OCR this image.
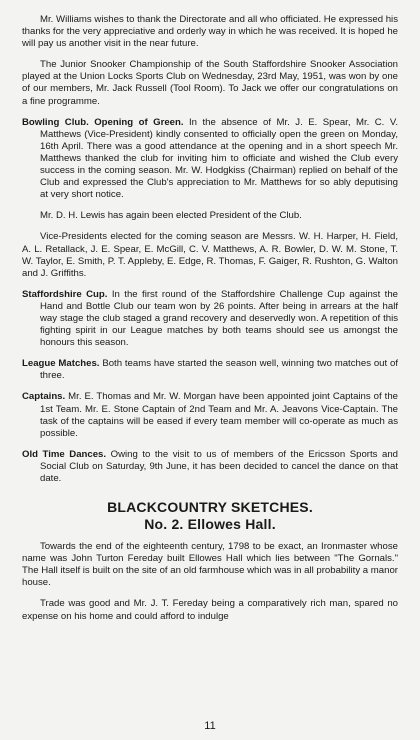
Mr. Williams wishes to thank the Directorate and all who officiated. He expressed his thanks for the very appreciative and orderly way in which he was received. It is hoped he will pay us another visit in the near future.

The Junior Snooker Championship of the South Staffordshire Snooker Association played at the Union Locks Sports Club on Wednesday, 23rd May, 1951, was won by one of our members, Mr. Jack Russell (Tool Room). To Jack we offer our congratulations on a fine programme.

Bowling Club. Opening of Green. In the absence of Mr. J. E. Spear, Mr. C. V. Matthews (Vice-President) kindly consented to officially open the green on Monday, 16th April. There was a good attendance at the opening and in a short speech Mr. Matthews thanked the club for inviting him to officiate and wished the Club every success in the coming season. Mr. W. Hodgkiss (Chairman) replied on behalf of the Club and expressed the Club's appreciation to Mr. Matthews for so ably deputising at very short notice.

Mr. D. H. Lewis has again been elected President of the Club.

Vice-Presidents elected for the coming season are Messrs. W. H. Harper, H. Field, A. L. Retallack, J. E. Spear, E. McGill, C. V. Matthews, A. R. Bowler, D. W. M. Stone, T. W. Taylor, E. Smith, P. T. Appleby, E. Edge, R. Thomas, F. Gaiger, R. Rushton, G. Walton and J. Griffiths.

Staffordshire Cup. In the first round of the Staffordshire Challenge Cup against the Hand and Bottle Club our team won by 26 points. After being in arrears at the half way stage the club staged a grand recovery and deservedly won. A repetition of this fighting spirit in our League matches by both teams should see us amongst the honours this season.

League Matches. Both teams have started the season well, winning two matches out of three.

Captains. Mr. E. Thomas and Mr. W. Morgan have been appointed joint Captains of the 1st Team. Mr. E. Stone Captain of 2nd Team and Mr. A. Jeavons Vice-Captain. The task of the captains will be eased if every team member will co-operate as much as possible.

Old Time Dances. Owing to the visit to us of members of the Ericsson Sports and Social Club on Saturday, 9th June, it has been decided to cancel the dance on that date.

BLACKCOUNTRY SKETCHES.
No. 2. Ellowes Hall.

Towards the end of the eighteenth century, 1798 to be exact, an Ironmaster whose name was John Turton Fereday built Ellowes Hall which lies between "The Gornals." The Hall itself is built on the site of an old farmhouse which was in all probability a manor house.

Trade was good and Mr. J. T. Fereday being a comparatively rich man, spared no expense on his home and could afford to indulge

11
